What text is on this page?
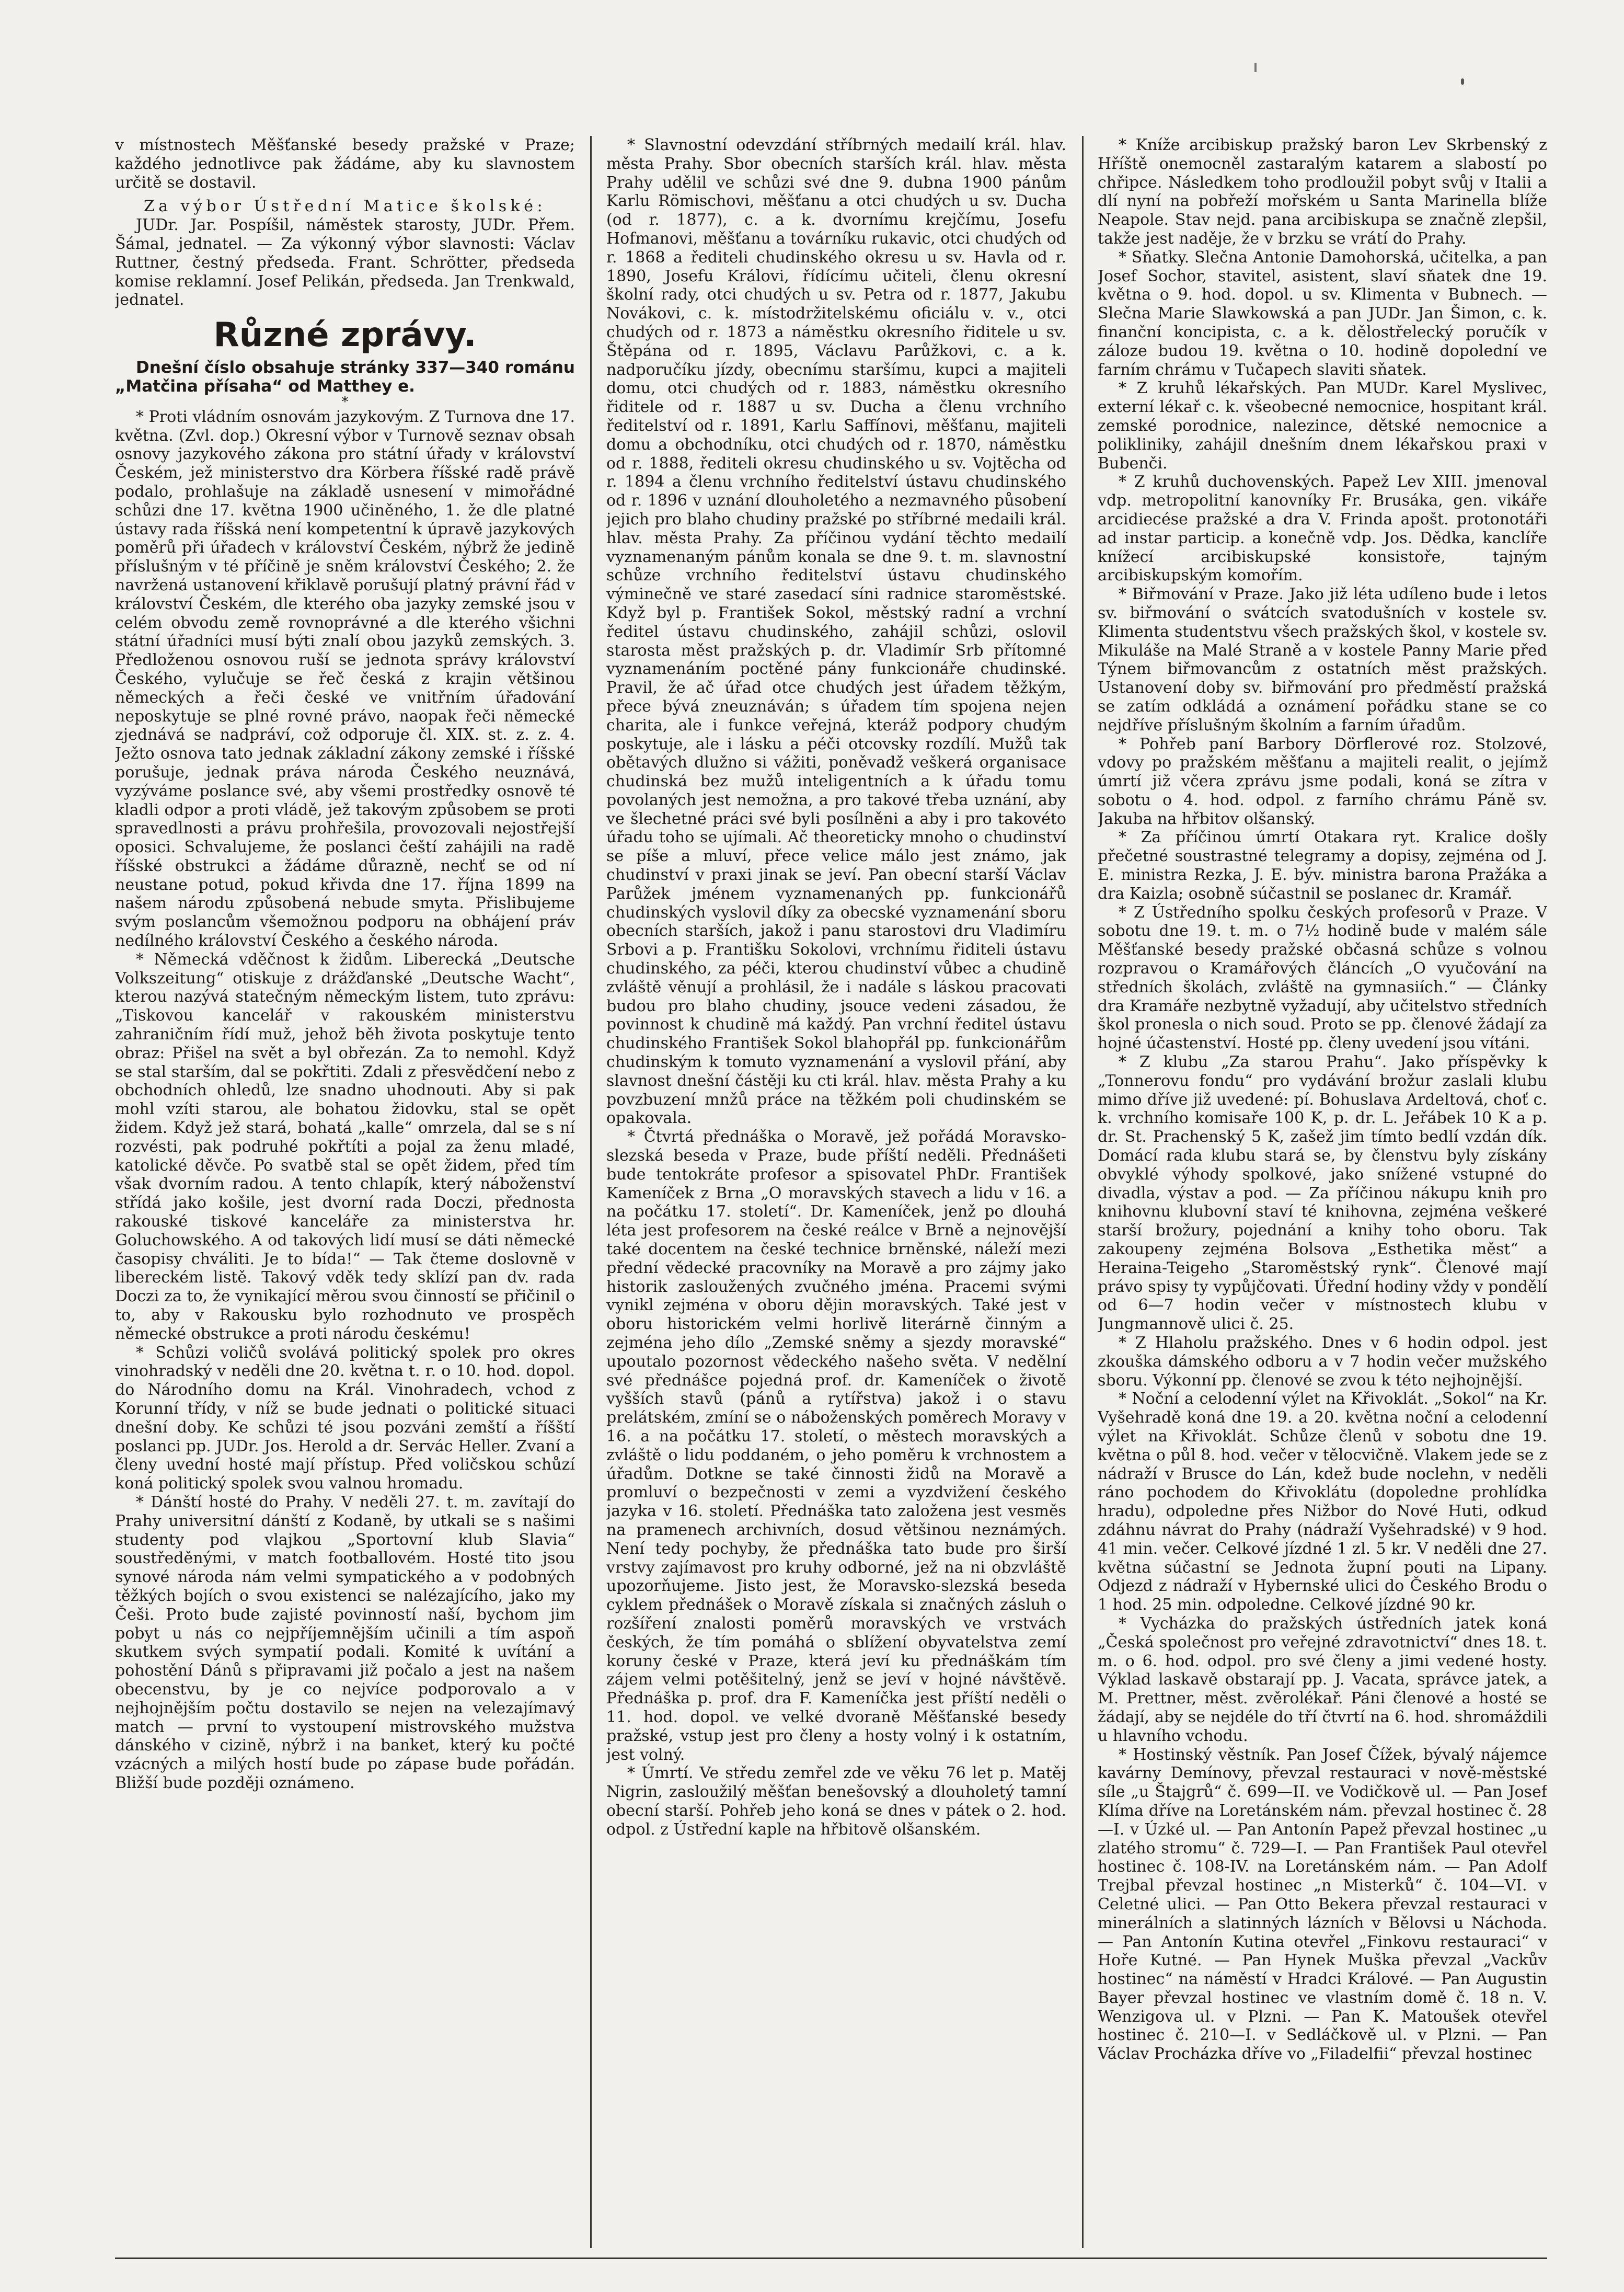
v místnostech Měšťanské besedy pražské v Praze; každého jednotlivce pak žádáme, aby ku slavnostem určitě se dostavil.

Za výbor Ústřední Matice školské:

JUDr. Jar. Pospíšil, náměstek starosty, JUDr. Přem. Šámal, jednatel. — Za výkonný výbor slavnosti: Václav Ruttner, čestný předseda. Frant. Schrötter, předseda komise reklamní. Josef Pelikán, předseda. Jan Trenkwald, jednatel.

Různé zprávy.

Dnešní číslo obsahuje stránky 337—340 románu „Matčina přísaha“ od Matthey e.

*

* Proti vládním osnovám jazykovým. Z Turnova dne 17. května. (Zvl. dop.) Okresní výbor v Turnově seznav obsah osnovy jazykového zákona pro státní úřady v království Českém, jež ministerstvo dra Körbera říšské radě právě podalo, prohlašuje na základě usnesení v mimořádné schůzi dne 17. května 1900 učiněného, 1. že dle platné ústavy rada říšská není kompetentní k úpravě jazykových poměrů při úřadech v království Českém, nýbrž že jedině příslušným v té příčině je sněm království Českého; 2. že navržená ustanovení křiklavě porušují platný právní řád v království Českém, dle kterého oba jazyky zemské jsou v celém obvodu země rovnoprávné a dle kterého všichni státní úřadníci musí býti znalí obou jazyků zemských. 3. Předloženou osnovou ruší se jednota správy království Českého, vylučuje se řeč česká z krajin většinou německých a řeči české ve vnitřním úřadování neposkytuje se plné rovné právo, naopak řeči německé zjednává se nadpráví, což odporuje čl. XIX. st. z. z. 4. Ježto osnova tato jednak základní zákony zemské i říšské porušuje, jednak práva národa Českého neuznává, vyzýváme poslance své, aby všemi prostředky osnově té kladli odpor a proti vládě, jež takovým způsobem se proti spravedlnosti a právu prohřešila, provozovali nejostřejší oposici. Schvalujeme, že poslanci čeští zahájili na radě říšské obstrukci a žádáme důrazně, nechť se od ní neustane potud, pokud křivda dne 17. října 1899 na našem národu způsobená nebude smyta. Přislibujeme svým poslancům všemožnou podporu na obhájení práv nedílného království Českého a českého národa.

* Německá vděčnost k židům. Liberecká „Deutsche Volkszeitung“ otiskuje z drážďanské „Deutsche Wacht“, kterou nazývá statečným německým listem, tuto zprávu: „Tiskovou kancelář v rakouském ministerstvu zahraničním řídí muž, jehož běh života poskytuje tento obraz: Přišel na svět a byl obřezán. Za to nemohl. Když se stal starším, dal se pokřtiti. Zdali z přesvědčení nebo z obchodních ohledů, lze snadno uhodnouti. Aby si pak mohl vzíti starou, ale bohatou židovku, stal se opět židem. Když jež stará, bohatá „kalle“ omrzela, dal se s ní rozvésti, pak podruhé pokřtíti a pojal za ženu mladé, katolické děvče. Po svatbě stal se opět židem, před tím však dvorním radou. A tento chlapík, který náboženství střídá jako košile, jest dvorní rada Doczi, přednosta rakouské tiskové kanceláře za ministerstva hr. Goluchowského. A od takových lidí musí se dáti německé časopisy chváliti. Je to bída!“ — Tak čteme doslovně v libereckém listě. Takový vděk tedy sklízí pan dv. rada Doczi za to, že vynikající měrou svou činností se přičinil o to, aby v Rakousku bylo rozhodnuto ve prospěch německé obstrukce a proti národu českému!

* Schůzi voličů svolává politický spolek pro okres vinohradský v neděli dne 20. května t. r. o 10. hod. dopol. do Národního domu na Král. Vinohradech, vchod z Korunní třídy, v níž se bude jednati o politické situaci dnešní doby. Ke schůzi té jsou pozváni zemští a říšští poslanci pp. JUDr. Jos. Herold a dr. Servác Heller. Zvaní a členy uvední hosté mají přístup. Před voličskou schůzí koná politický spolek svou valnou hromadu.

* Dánští hosté do Prahy. V neděli 27. t. m. zavítají do Prahy universitní dánští z Kodaně, by utkali se s našimi studenty pod vlajkou „Sportovní klub Slavia“ soustředěnými, v match footballovém. Hosté tito jsou synové národa nám velmi sympatického a v podobných těžkých bojích o svou existenci se nalézajícího, jako my Češi. Proto bude zajisté povinností naší, bychom jim pobyt u nás co nejpříjemnějším učinili a tím aspoň skutkem svých sympatií podali. Komité k uvítání a pohostění Dánů s připravami již počalo a jest na našem obecenstvu, by je co nejvíce podporovalo a v nejhojnějším počtu dostavilo se nejen na velezajímavý match — první to vystoupení mistrovského mužstva dánského v cizině, nýbrž i na banket, který ku počté vzácných a milých hostí bude po zápase bude pořádán. Bližší bude později oznámeno.

* Slavnostní odevzdání stříbrných medailí král. hlav. města Prahy. Sbor obecních starších král. hlav. města Prahy udělil ve schůzi své dne 9. dubna 1900 pánům Karlu Römischovi, měšťanu a otci chudých u sv. Ducha (od r. 1877), c. a k. dvornímu krejčímu, Josefu Hofmanovi, měšťanu a továrníku rukavic, otci chudých od r. 1868 a řediteli chudinského okresu u sv. Havla od r. 1890, Josefu Královi, řídícímu učiteli, členu okresní školní rady, otci chudých u sv. Petra od r. 1877, Jakubu Novákovi, c. k. místodržitelskému oficiálu v. v., otci chudých od r. 1873 a náměstku okresního řiditele u sv. Štěpána od r. 1895, Václavu Parůžkovi, c. a k. nadporučíku jízdy, obecnímu staršímu, kupci a majiteli domu, otci chudých od r. 1883, náměstku okresního řiditele od r. 1887 u sv. Ducha a členu vrchního ředitelství od r. 1891, Karlu Saffínovi, měšťanu, majiteli domu a obchodníku, otci chudých od r. 1870, náměstku od r. 1888, řediteli okresu chudinského u sv. Vojtěcha od r. 1894 a členu vrchního ředitelství ústavu chudinského od r. 1896 v uznání dlouholetého a nezmavného působení jejich pro blaho chudiny pražské po stříbrné medaili král. hlav. města Prahy. Za příčinou vydání těchto medailí vyznamenaným pánům konala se dne 9. t. m. slavnostní schůze vrchního ředitelství ústavu chudinského výminečně ve staré zasedací síni radnice staroměstské. Když byl p. František Sokol, městský radní a vrchní ředitel ústavu chudinského, zahájil schůzi, oslovil starosta měst pražských p. dr. Vladimír Srb přítomné vyznamenáním poctěné pány funkcionáře chudinské. Pravil, že ač úřad otce chudých jest úřadem těžkým, přece bývá zneuznáván; s úřadem tím spojena nejen charita, ale i funkce veřejná, kteráž podpory chudým poskytuje, ale i lásku a péči otcovsky rozdílí. Mužů tak obětavých dlužno si vážiti, poněvadž veškerá organisace chudinská bez mužů inteligentních a k úřadu tomu povolaných jest nemožna, a pro takové třeba uznání, aby ve šlechetné práci své byli posílněni a aby i pro takovéto úřadu toho se ujímali. Ač theoreticky mnoho o chudinství se píše a mluví, přece velice málo jest známo, jak chudinství v praxi jinak se jeví. Pan obecní starší Václav Parůžek jménem vyznamenaných pp. funkcionářů chudinských vyslovil díky za obecské vyznamenání sboru obecních starších, jakož i panu starostovi dru Vladimíru Srbovi a p. Františku Sokolovi, vrchnímu řiditeli ústavu chudinského, za péči, kterou chudinství vůbec a chudině zvláště věnují a prohlásil, že i nadále s láskou pracovati budou pro blaho chudiny, jsouce vedeni zásadou, že povinnost k chudině má každý. Pan vrchní ředitel ústavu chudinského František Sokol blahopřál pp. funkcionářům chudinským k tomuto vyznamenání a vyslovil přání, aby slavnost dnešní částěji ku cti král. hlav. města Prahy a ku povzbuzení mnžů práce na těžkém poli chudinském se opakovala.

* Čtvrtá přednáška o Moravě, jež pořádá Moravsko-slezská beseda v Praze, bude příští neděli. Přednášeti bude tentokráte profesor a spisovatel PhDr. František Kameníček z Brna „O moravských stavech a lidu v 16. a na počátku 17. století“. Dr. Kameníček, jenž po dlouhá léta jest profesorem na české reálce v Brně a nejnovější také docentem na české technice brněnské, náleží mezi přední vědecké pracovníky na Moravě a pro zájmy jako historik zasloužených zvučného jména. Pracemi svými vynikl zejména v oboru dějin moravských. Také jest v oboru historickém velmi horlivě literárně činným a zejména jeho dílo „Zemské sněmy a sjezdy moravské“ upoutalo pozornost vědeckého našeho světa. V nedělní své přednášce pojedná prof. dr. Kameníček o životě vyšších stavů (pánů a rytířstva) jakož i o stavu prelátském, zmíní se o náboženských poměrech Moravy v 16. a na počátku 17. století, o městech moravských a zvláště o lidu poddaném, o jeho poměru k vrchnostem a úřadům. Dotkne se také činnosti židů na Moravě a promluví o bezpečnosti v zemi a vyzdvižení českého jazyka v 16. století. Přednáška tato založena jest vesměs na pramenech archivních, dosud většinou neznámých. Není tedy pochyby, že přednáška tato bude pro širší vrstvy zajímavost pro kruhy odborné, jež na ni obzvláště upozorňujeme. Jisto jest, že Moravsko-slezská beseda cyklem přednášek o Moravě získala si značných zásluh o rozšíření znalosti poměrů moravských ve vrstvách českých, že tím pomáhá o sblížení obyvatelstva zemí koruny české v Praze, která jeví ku přednáškám tím zájem velmi potěšitelný, jenž se jeví v hojné návštěvě. Přednáška p. prof. dra F. Kameníčka jest příští neděli o 11. hod. dopol. ve velké dvoraně Měšťanské besedy pražské, vstup jest pro členy a hosty volný i k ostatním, jest volný.

* Úmrtí. Ve středu zemřel zde ve věku 76 let p. Matěj Nigrin, zasloužilý měšťan benešovský a dlouholetý tamní obecní starší. Pohřeb jeho koná se dnes v pátek o 2. hod. odpol. z Ústřední kaple na hřbitově olšanském.

* Kníže arcibiskup pražský baron Lev Skrbenský z Hříště onemocněl zastaralým katarem a slabostí po chřipce. Následkem toho prodloužil pobyt svůj v Italii a dlí nyní na pobřeží mořském u Santa Marinella blíže Neapole. Stav nejd. pana arcibiskupa se značně zlepšil, takže jest naděje, že v brzku se vrátí do Prahy.

* Sňatky. Slečna Antonie Damohorská, učitelka, a pan Josef Sochor, stavitel, asistent, slaví sňatek dne 19. května o 9. hod. dopol. u sv. Klimenta v Bubnech. — Slečna Marie Slawkowská a pan JUDr. Jan Šimon, c. k. finanční koncipista, c. a k. dělostřelecký poručík v záloze budou 19. května o 10. hodině dopolední ve farním chrámu v Tučapech slaviti sňatek.

* Z kruhů lékařských. Pan MUDr. Karel Myslivec, externí lékař c. k. všeobecné nemocnice, hospitant král. zemské porodnice, nalezince, dětské nemocnice a polikliniky, zahájil dnešním dnem lékařskou praxi v Bubenči.

* Z kruhů duchovenských. Papež Lev XIII. jmenoval vdp. metropolitní kanovníky Fr. Brusáka, gen. vikáře arcidiecése pražské a dra V. Frinda apošt. protonotáři ad instar particip. a konečně vdp. Jos. Dědka, kanclíře knížecí arcibiskupské konsistoře, tajným arcibiskupským komořím.

* Biřmování v Praze. Jako již léta udíleno bude i letos sv. biřmování o svátcích svatodušních v kostele sv. Klimenta studentstvu všech pražských škol, v kostele sv. Mikuláše na Malé Straně a v kostele Panny Marie před Týnem biřmovancům z ostatních měst pražských. Ustanovení doby sv. biřmování pro předměstí pražská se zatím odkládá a oznámení pořádku stane se co nejdříve příslušným školním a farním úřadům.

* Pohřeb paní Barbory Dörflerové roz. Stolzové, vdovy po pražském měšťanu a majiteli realit, o jejímž úmrtí již včera zprávu jsme podali, koná se zítra v sobotu o 4. hod. odpol. z farního chrámu Páně sv. Jakuba na hřbitov olšanský.

* Za příčinou úmrtí Otakara ryt. Kralice došly přečetné soustrastné telegramy a dopisy, zejména od J. E. ministra Rezka, J. E. býv. ministra barona Pražáka a dra Kaizla; osobně súčastnil se poslanec dr. Kramář.

* Z Ústředního spolku českých profesorů v Praze. V sobotu dne 19. t. m. o 7½ hodině bude v malém sále Měšťanské besedy pražské občasná schůze s volnou rozpravou o Kramářových článcích „O vyučování na středních školách, zvláště na gymnasiích.“ — Články dra Kramáře nezbytně vyžadují, aby učitelstvo středních škol pronesla o nich soud. Proto se pp. členové žádají za hojné účastenství. Hosté pp. členy uvedení jsou vítáni.

* Z klubu „Za starou Prahu“. Jako příspěvky k „Tonnerovu fondu“ pro vydávání brožur zaslali klubu mimo dříve již uvedené: pí. Bohuslava Ardeltová, choť c. k. vrchního komisaře 100 K, p. dr. L. Jeřábek 10 K a p. dr. St. Prachenský 5 K, zašež jim tímto bedlí vzdán dík. Domácí rada klubu stará se, by členstvu byly získány obvyklé výhody spolkové, jako snížené vstupné do divadla, výstav a pod. — Za příčinou nákupu knih pro knihovnu klubovní staví té knihovna, zejména veškeré starší brožury, pojednání a knihy toho oboru. Tak zakoupeny zejména Bolsova „Esthetika měst“ a Heraina-Teigeho „Staroměstský rynk“. Členové mají právo spisy ty vypůjčovati. Úřední hodiny vždy v pondělí od 6—7 hodin večer v místnostech klubu v Jungmannově ulici č. 25.

* Z Hlaholu pražského. Dnes v 6 hodin odpol. jest zkouška dámského odboru a v 7 hodin večer mužského sboru. Výkonní pp. členové se zvou k této nejhojnější.

* Noční a celodenní výlet na Křivoklát. „Sokol“ na Kr. Vyšehradě koná dne 19. a 20. května noční a celodenní výlet na Křivoklát. Schůze členů v sobotu dne 19. května o půl 8. hod. večer v tělocvičně. Vlakem jede se z nádraží v Brusce do Lán, kdež bude noclehn, v neděli ráno pochodem do Křivoklátu (dopoledne prohlídka hradu), odpoledne přes Nižbor do Nové Huti, odkud zdáhnu návrat do Prahy (nádraží Vyšehradské) v 9 hod. 41 min. večer. Celkové jízdné 1 zl. 5 kr. V neděli dne 27. května súčastní se Jednota župní pouti na Lipany. Odjezd z nádraží v Hybernské ulici do Českého Brodu o 1 hod. 25 min. odpoledne. Celkové jízdné 90 kr.

* Vycházka do pražských ústředních jatek koná „Česká společnost pro veřejné zdravotnictví“ dnes 18. t. m. o 6. hod. odpol. pro své členy a jimi vedené hosty. Výklad laskavě obstarají pp. J. Vacata, správce jatek, a M. Prettner, měst. zvěrolékař. Páni členové a hosté se žádají, aby se nejdéle do tří čtvrtí na 6. hod. shromáždili u hlavního vchodu.

* Hostinský věstník. Pan Josef Čížek, bývalý nájemce kavárny Demínovy, převzal restauraci v nově-městské síle „u Štajgrů“ č. 699—II. ve Vodičkově ul. — Pan Josef Klíma dříve na Loretánském nám. převzal hostinec č. 28—I. v Úzké ul. — Pan Antonín Papež převzal hostinec „u zlatého stromu“ č. 729—I. — Pan František Paul otevřel hostinec č. 108-IV. na Loretánském nám. — Pan Adolf Trejbal převzal hostinec „n Misterků“ č. 104—VI. v Celetné ulici. — Pan Otto Bekera převzal restauraci v minerálních a slatinných lázních v Bělovsi u Náchoda. — Pan Antonín Kutina otevřel „Finkovu restauraci“ v Hoře Kutné. — Pan Hynek Muška převzal „Vackův hostinec“ na náměstí v Hradci Králové. — Pan Augustin Bayer převzal hostinec ve vlastním domě č. 18 n. V. Wenzigova ul. v Plzni. — Pan K. Matoušek otevřel hostinec č. 210—I. v Sedláčkově ul. v Plzni. — Pan Václav Procházka dříve vo „Filadelfii“ převzal hostinec
